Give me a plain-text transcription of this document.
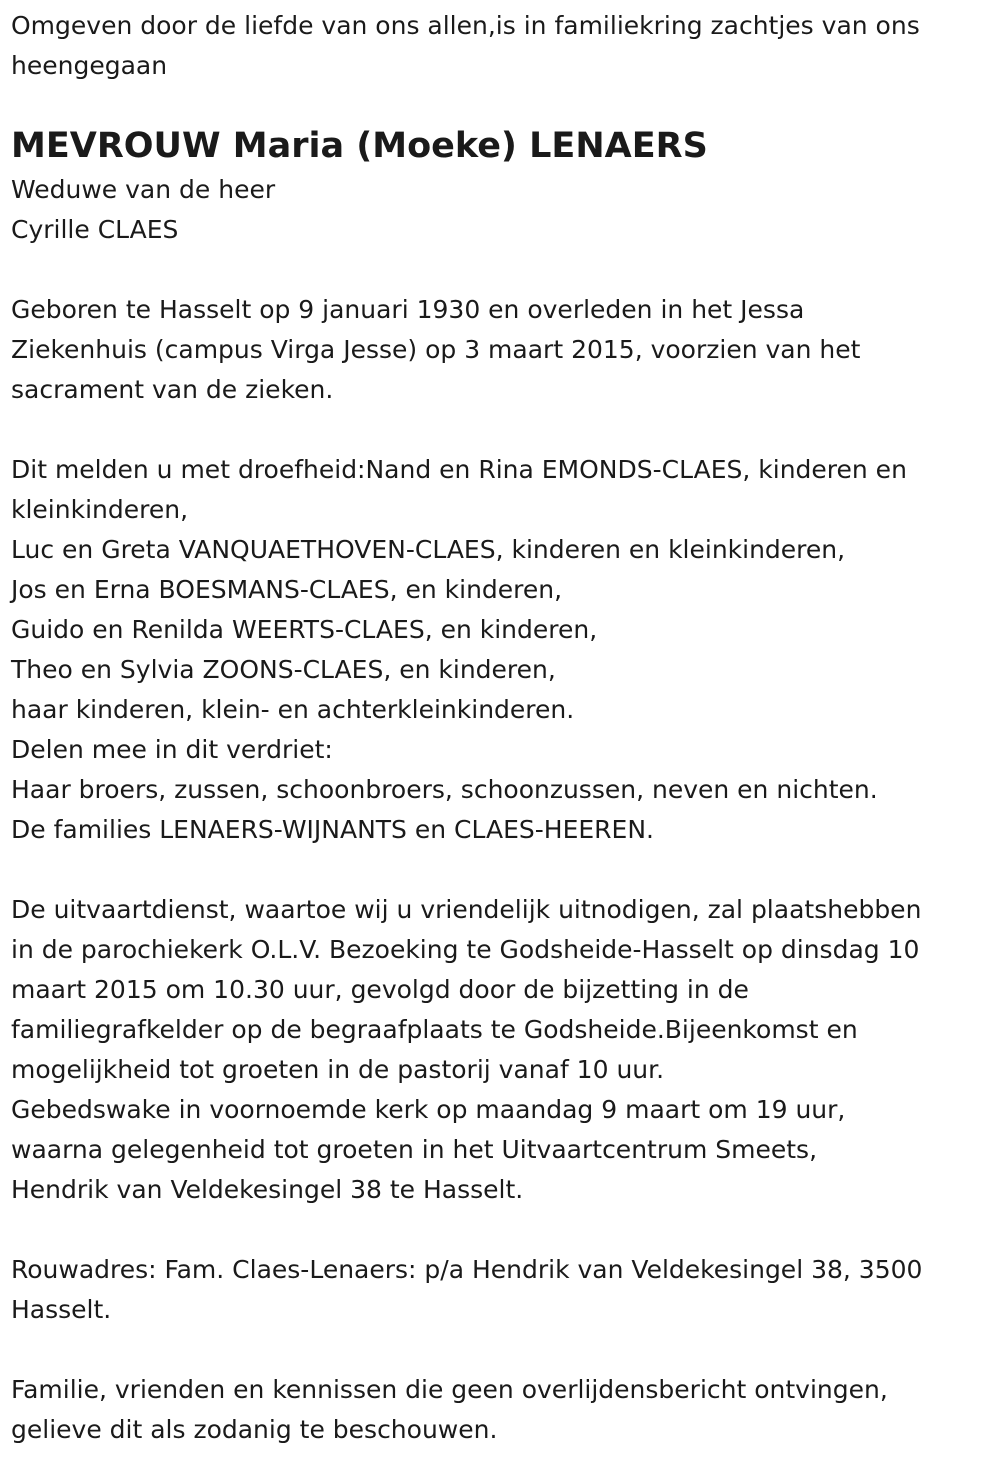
Omgeven door de liefde van ons allen,is in familiekring zachtjes van ons
heengegaan
MEVROUW Maria (Moeke) LENAERS
Weduwe van de heer
Cyrille CLAES
Geboren te Hasselt op 9 januari 1930 en overleden in het Jessa
Ziekenhuis (campus Virga Jesse) op 3 maart 2015, voorzien van het
sacrament van de zieken.
Dit melden u met droefheid:Nand en Rina EMONDS-CLAES, kinderen en
kleinkinderen,
Luc en Greta VANQUAETHOVEN-CLAES, kinderen en kleinkinderen,
Jos en Erna BOESMANS-CLAES, en kinderen,
Guido en Renilda WEERTS-CLAES, en kinderen,
Theo en Sylvia ZOONS-CLAES, en kinderen,
haar kinderen, klein- en achterkleinkinderen.
Delen mee in dit verdriet:
Haar broers, zussen, schoonbroers, schoonzussen, neven en nichten.
De families LENAERS-WIJNANTS en CLAES-HEEREN.
De uitvaartdienst, waartoe wij u vriendelijk uitnodigen, zal plaatshebben
in de parochiekerk O.L.V. Bezoeking te Godsheide-Hasselt op dinsdag 10
maart 2015 om 10.30 uur, gevolgd door de bijzetting in de
familiegrafkelder op de begraafplaats te Godsheide.Bijeenkomst en
mogelijkheid tot groeten in de pastorij vanaf 10 uur.
Gebedswake in voornoemde kerk op maandag 9 maart om 19 uur,
waarna gelegenheid tot groeten in het Uitvaartcentrum Smeets,
Hendrik van Veldekesingel 38 te Hasselt.
Rouwadres: Fam. Claes-Lenaers: p/a Hendrik van Veldekesingel 38, 3500
Hasselt.
Familie, vrienden en kennissen die geen overlijdensbericht ontvingen,
gelieve dit als zodanig te beschouwen.
